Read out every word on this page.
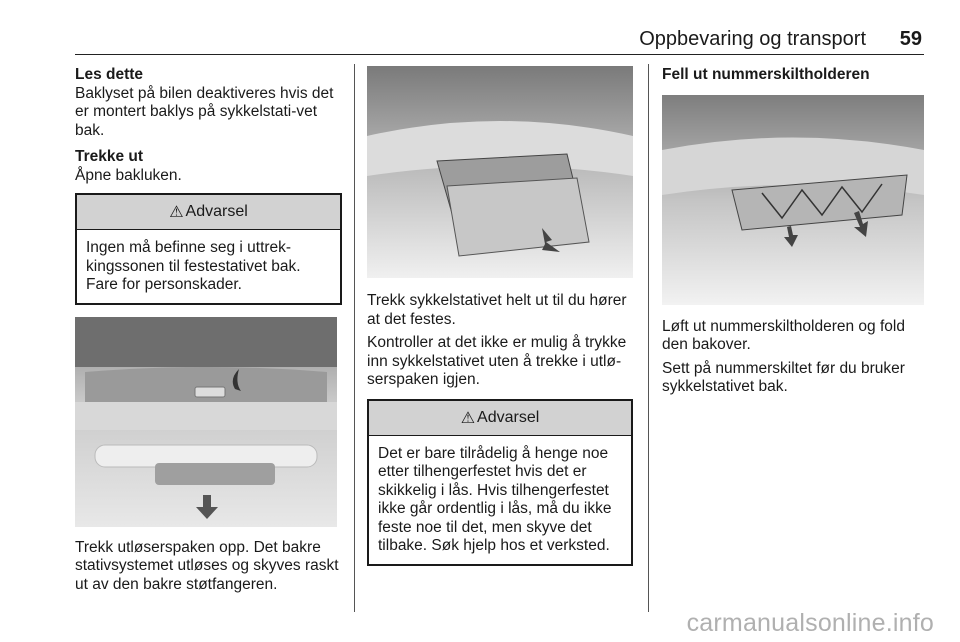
Oppbevaring og transport 59

Les dette

Baklyset på bilen deaktiveres hvis det er montert baklys på sykkelstati-vet bak.

Trekke ut

Åpne bakluken.

⚠ Advarsel

Ingen må befinne seg i uttrek-kingssonen til festestativet bak. Fare for personskader.

Trekk utløserspaken opp. Det bakre stativsystemet utløses og skyves raskt ut av den bakre støtfangeren.

Trekk sykkelstativet helt ut til du hører at det festes.

Kontroller at det ikke er mulig å trykke inn sykkelstativet uten å trekke i utlø-serspaken igjen.

⚠ Advarsel

Det er bare tilrådelig å henge noe etter tilhengerfestet hvis det er skikkelig i lås. Hvis tilhengerfestet ikke går ordentlig i lås, må du ikke feste noe til det, men skyve det tilbake. Søk hjelp hos et verksted.

Fell ut nummerskiltholderen

Løft ut nummerskiltholderen og fold den bakover.

Sett på nummerskiltet før du bruker sykkelstativet bak.

carmanualsonline.info
